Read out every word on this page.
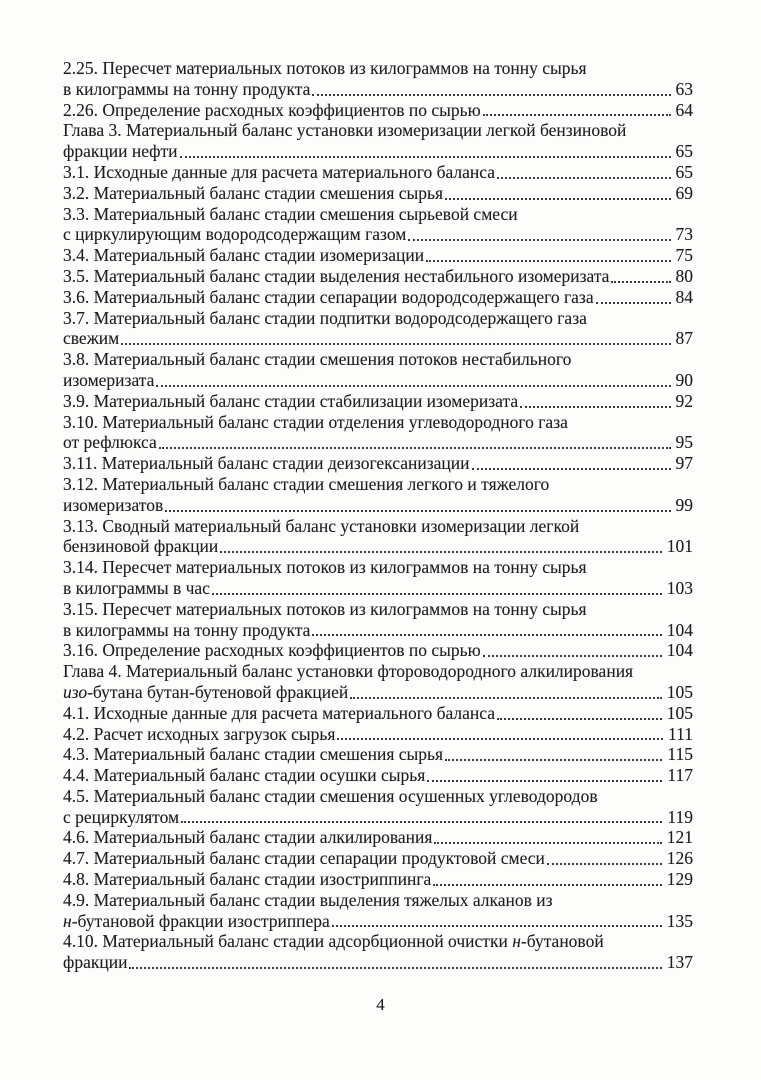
2.25. Пересчет материальных потоков из килограммов на тонну сырья
в килограммы на тонну продукта	63
2.26. Определение расходных коэффициентов по сырью	64
Глава 3. Материальный баланс установки изомеризации легкой бензиновой
фракции нефти	65
3.1. Исходные данные для расчета материального баланса	65
3.2. Материальный баланс стадии смешения сырья	69
3.3. Материальный баланс стадии смешения сырьевой смеси
с циркулирующим водородсодержащим газом	73
3.4. Материальный баланс стадии изомеризации	75
3.5. Материальный баланс стадии выделения нестабильного изомеризата	80
3.6. Материальный баланс стадии сепарации водородсодержащего газа	84
3.7. Материальный баланс стадии подпитки водородсодержащего газа
свежим	87
3.8. Материальный баланс стадии смешения потоков нестабильного
изомеризата	90
3.9. Материальный баланс стадии стабилизации изомеризата	92
3.10. Материальный баланс стадии отделения углеводородного газа
от рефлюкса	95
3.11. Материальный баланс стадии деизогексанизации	97
3.12. Материальный баланс стадии смешения легкого и тяжелого
изомеризатов	99
3.13. Сводный материальный баланс установки изомеризации легкой
бензиновой фракции	101
3.14. Пересчет материальных потоков из килограммов на тонну сырья
в килограммы в час	103
3.15. Пересчет материальных потоков из килограммов на тонну сырья
в килограммы на тонну продукта	104
3.16. Определение расходных коэффициентов по сырью	104
Глава 4. Материальный баланс установки фтороводородного алкилирования
изо-бутана бутан-бутеновой фракцией	105
4.1. Исходные данные для расчета материального баланса	105
4.2. Расчет исходных загрузок сырья	111
4.3. Материальный баланс стадии смешения сырья	115
4.4. Материальный баланс стадии осушки сырья	117
4.5. Материальный баланс стадии смешения осушенных углеводородов
с рециркулятом	119
4.6. Материальный баланс стадии алкилирования	121
4.7. Материальный баланс стадии сепарации продуктовой смеси	126
4.8. Материальный баланс стадии изостриппинга	129
4.9. Материальный баланс стадии выделения тяжелых алканов из
н-бутановой фракции изостриппера	135
4.10. Материальный баланс стадии адсорбционной очистки н-бутановой
фракции	137
4
